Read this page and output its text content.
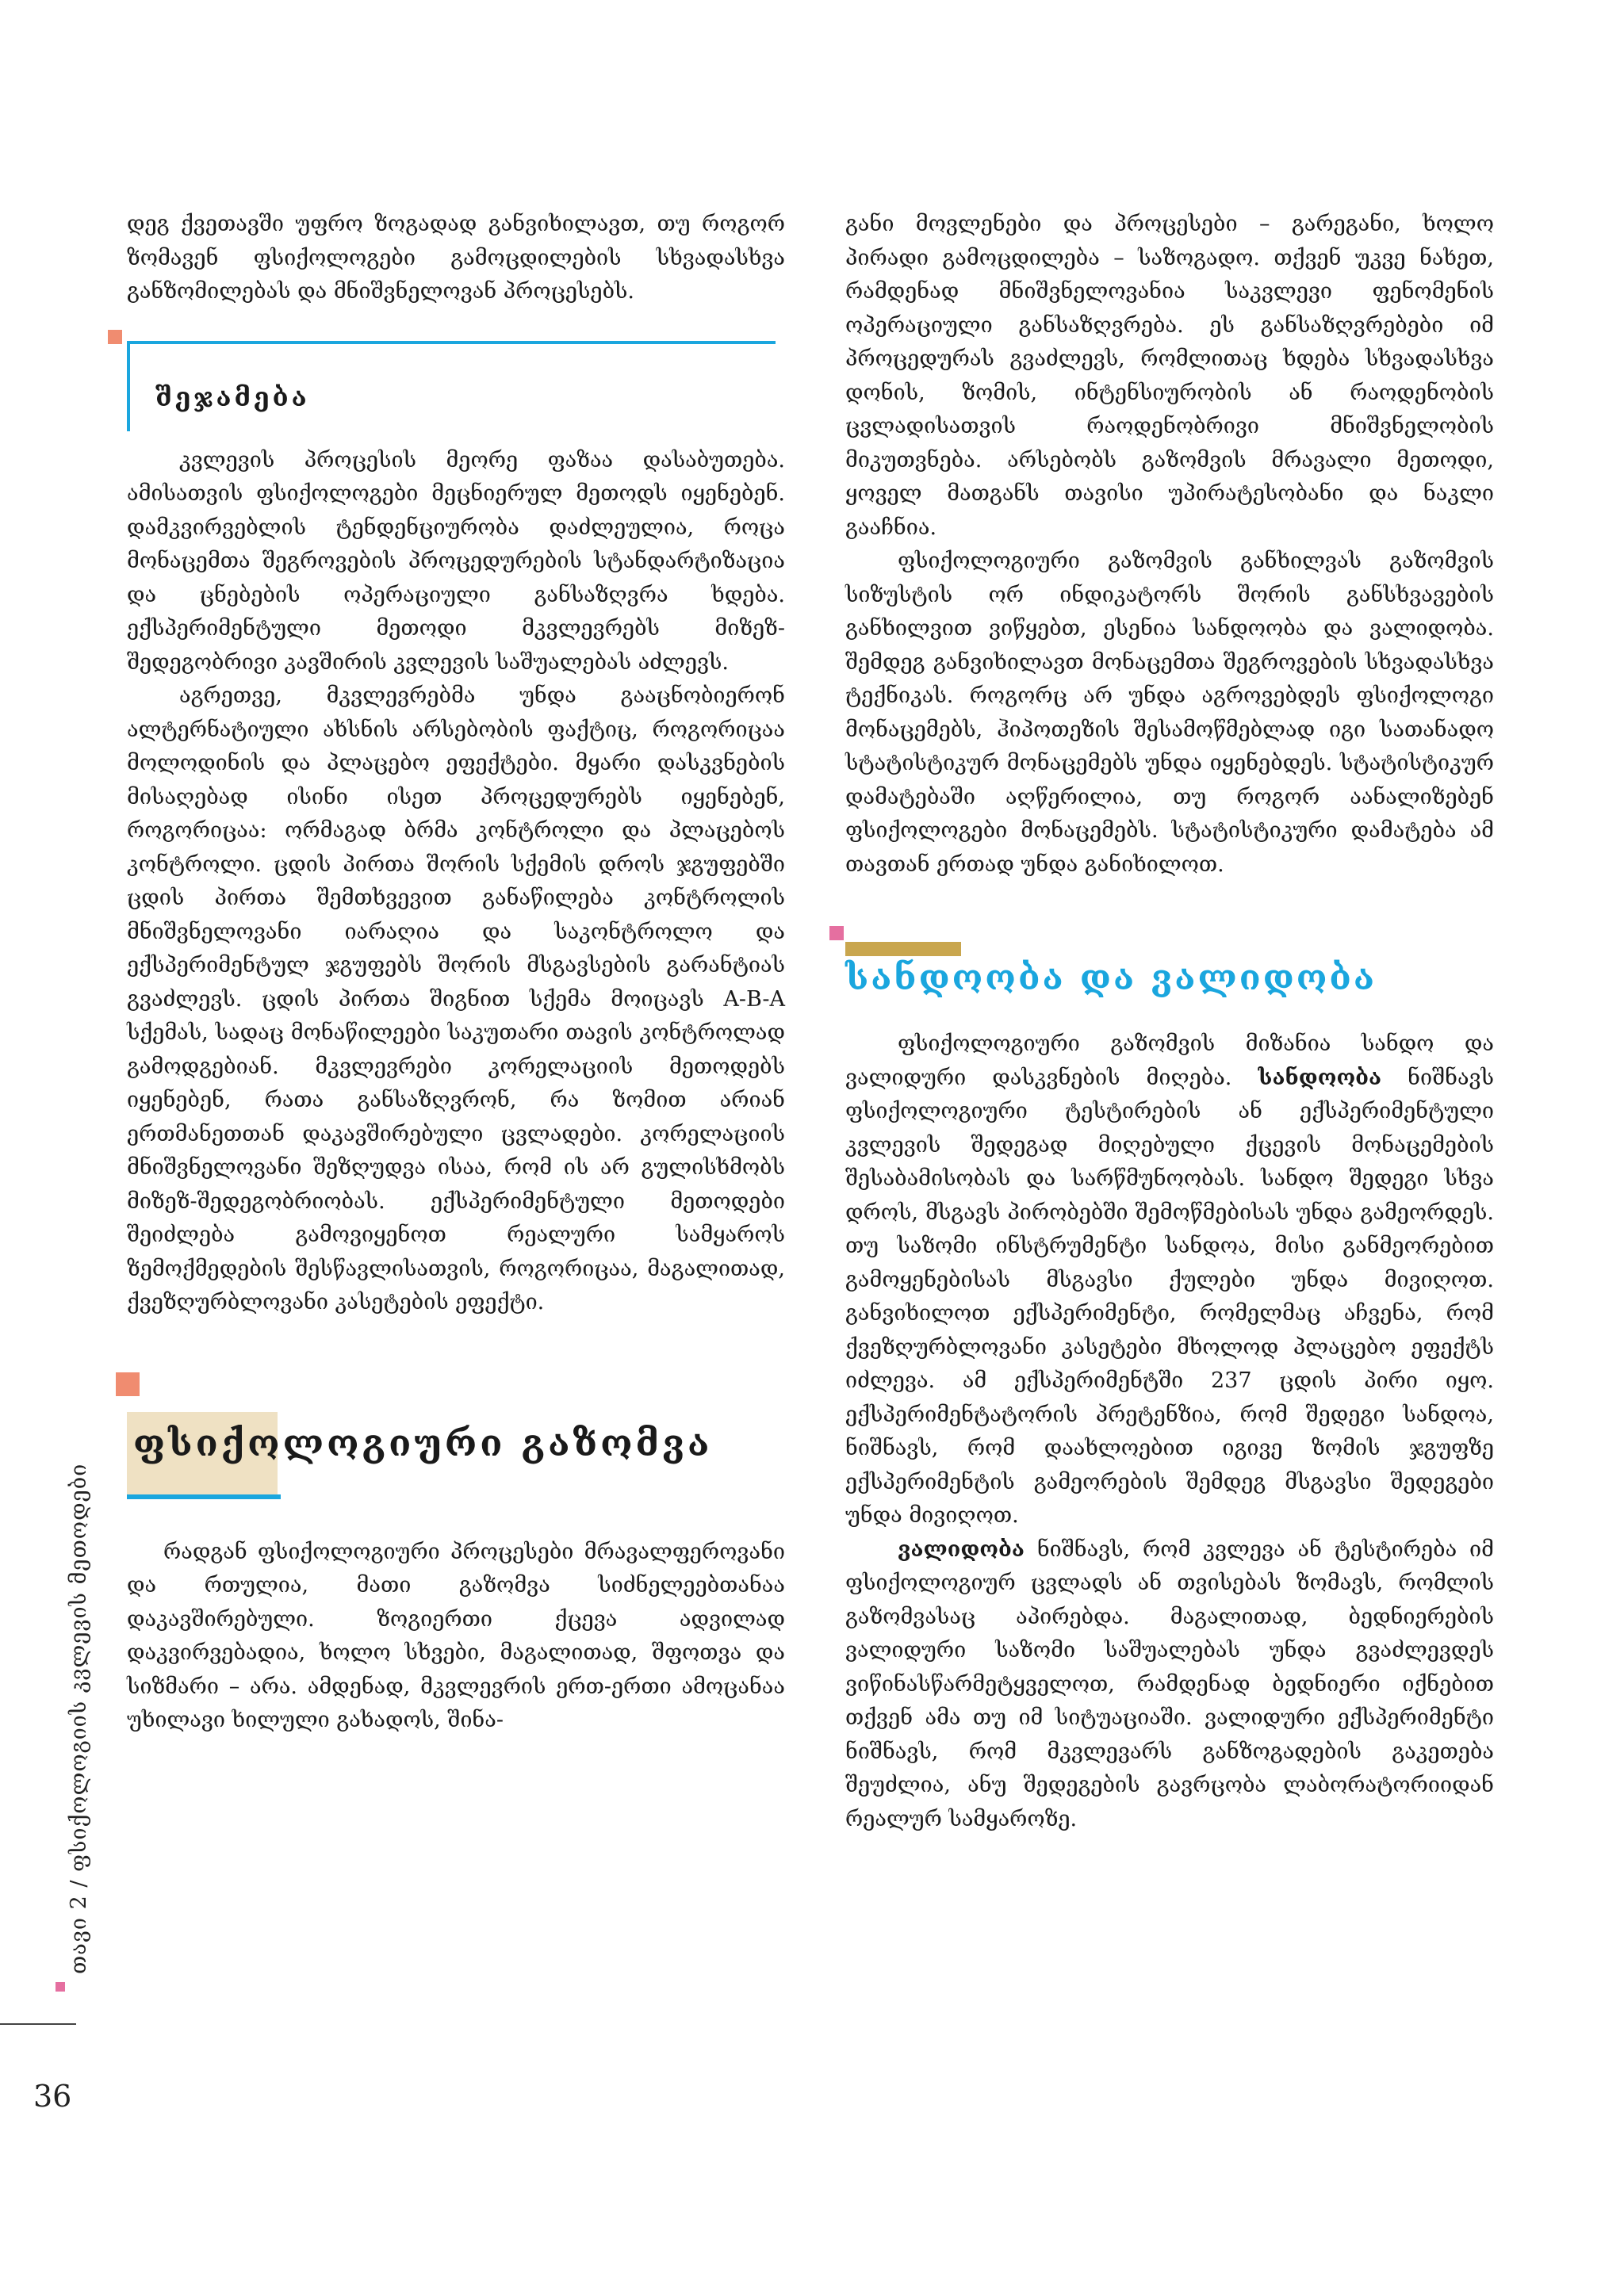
დეგ ქვეთავში უფრო ზოგადად განვიხილავთ, თუ როგორ ზომავენ ფსიქოლოგები გამოცდილების სხვადასხვა განზომილებას და მნიშვნელოვან პროცესებს.

შეჯამება

კვლევის პროცესის მეორე ფაზაა დასაბუთება. ამისათვის ფსიქოლოგები მეცნიერულ მეთოდს იყენებენ. დამკვირვებლის ტენდენციურობა დაძლეულია, როცა მონაცემთა შეგროვების პროცედურების სტანდარტიზაცია და ცნებების ოპერაციული განსაზღვრა ხდება. ექსპერიმენტული მეთოდი მკვლევრებს მიზეზ-შედეგობრივი კავშირის კვლევის საშუალებას აძლევს.

აგრეთვე, მკვლევრებმა უნდა გააცნობიერონ ალტერნატიული ახსნის არსებობის ფაქტიც, როგორიცაა მოლოდინის და პლაცებო ეფექტები. მყარი დასკვნების მისაღებად ისინი ისეთ პროცედურებს იყენებენ, როგორიცაა: ორმაგად ბრმა კონტროლი და პლაცებოს კონტროლი. ცდის პირთა შორის სქემის დროს ჯგუფებში ცდის პირთა შემთხვევით განაწილება კონტროლის მნიშვნელოვანი იარაღია და საკონტროლო და ექსპერიმენტულ ჯგუფებს შორის მსგავსების გარანტიას გვაძლევს. ცდის პირთა შიგნით სქემა მოიცავს A-B-A სქემას, სადაც მონაწილეები საკუთარი თავის კონტროლად გამოდგებიან. მკვლევრები კორელაციის მეთოდებს იყენებენ, რათა განსაზღვრონ, რა ზომით არიან ერთმანეთთან დაკავშირებული ცვლადები. კორელაციის მნიშვნელოვანი შეზღუდვა ისაა, რომ ის არ გულისხმობს მიზეზ-შედეგობრიობას. ექსპერიმენტული მეთოდები შეიძლება გამოვიყენოთ რეალური სამყაროს ზემოქმედების შესწავლისათვის, როგორიცაა, მაგალითად, ქვეზღურბლოვანი კასეტების ეფექტი.

ფსიქოლოგიური გაზომვა

რადგან ფსიქოლოგიური პროცესები მრავალფეროვანი და რთულია, მათი გაზომვა სიძნელეებთანაა დაკავშირებული. ზოგიერთი ქცევა ადვილად დაკვირვებადია, ხოლო სხვები, მაგალითად, შფოთვა და სიზმარი – არა. ამდენად, მკვლევრის ერთ-ერთი ამოცანაა უხილავი ხილული გახადოს, შინა-

განი მოვლენები და პროცესები – გარეგანი, ხოლო პირადი გამოცდილება – საზოგადო. თქვენ უკვე ნახეთ, რამდენად მნიშვნელოვანია საკვლევი ფენომენის ოპერაციული განსაზღვრება. ეს განსაზღვრებები იმ პროცედურას გვაძლევს, რომლითაც ხდება სხვადასხვა დონის, ზომის, ინტენსიურობის ან რაოდენობის ცვლადისათვის რაოდენობრივი მნიშვნელობის მიკუთვნება. არსებობს გაზომვის მრავალი მეთოდი, ყოველ მათგანს თავისი უპირატესობანი და ნაკლი გააჩნია.

ფსიქოლოგიური გაზომვის განხილვას გაზომვის სიზუსტის ორ ინდიკატორს შორის განსხვავების განხილვით ვიწყებთ, ესენია სანდოობა და ვალიდობა. შემდეგ განვიხილავთ მონაცემთა შეგროვების სხვადასხვა ტექნიკას. როგორც არ უნდა აგროვებდეს ფსიქოლოგი მონაცემებს, ჰიპოთეზის შესამოწმებლად იგი სათანადო სტატისტიკურ მონაცემებს უნდა იყენებდეს. სტატისტიკურ დამატებაში აღწერილია, თუ როგორ აანალიზებენ ფსიქოლოგები მონაცემებს. სტატისტიკური დამატება ამ თავთან ერთად უნდა განიხილოთ.

სანდოობა და ვალიდობა

ფსიქოლოგიური გაზომვის მიზანია სანდო და ვალიდური დასკვნების მიღება. სანდოობა ნიშნავს ფსიქოლოგიური ტესტირების ან ექსპერიმენტული კვლევის შედეგად მიღებული ქცევის მონაცემების შესაბამისობას და სარწმუნოობას. სანდო შედეგი სხვა დროს, მსგავს პირობებში შემოწმებისას უნდა გამეორდეს. თუ საზომი ინსტრუმენტი სანდოა, მისი განმეორებით გამოყენებისას მსგავსი ქულები უნდა მივიღოთ. განვიხილოთ ექსპერიმენტი, რომელმაც აჩვენა, რომ ქვეზღურბლოვანი კასეტები მხოლოდ პლაცებო ეფექტს იძლევა. ამ ექსპერიმენტში 237 ცდის პირი იყო. ექსპერიმენტატორის პრეტენზია, რომ შედეგი სანდოა, ნიშნავს, რომ დაახლოებით იგივე ზომის ჯგუფზე ექსპერიმენტის გამეორების შემდეგ მსგავსი შედეგები უნდა მივიღოთ.

ვალიდობა ნიშნავს, რომ კვლევა ან ტესტირება იმ ფსიქოლოგიურ ცვლადს ან თვისებას ზომავს, რომლის გაზომვასაც აპირებდა. მაგალითად, ბედნიერების ვალიდური საზომი საშუალებას უნდა გვაძლევდეს ვიწინასწარმეტყველოთ, რამდენად ბედნიერი იქნებით თქვენ ამა თუ იმ სიტუაციაში. ვალიდური ექსპერიმენტი ნიშნავს, რომ მკვლევარს განზოგადების გაკეთება შეუძლია, ანუ შედეგების გავრცობა ლაბორატორიიდან რეალურ სამყაროზე.

თავი 2 / ფსიქოლოგიის კვლევის მეთოდები
36
